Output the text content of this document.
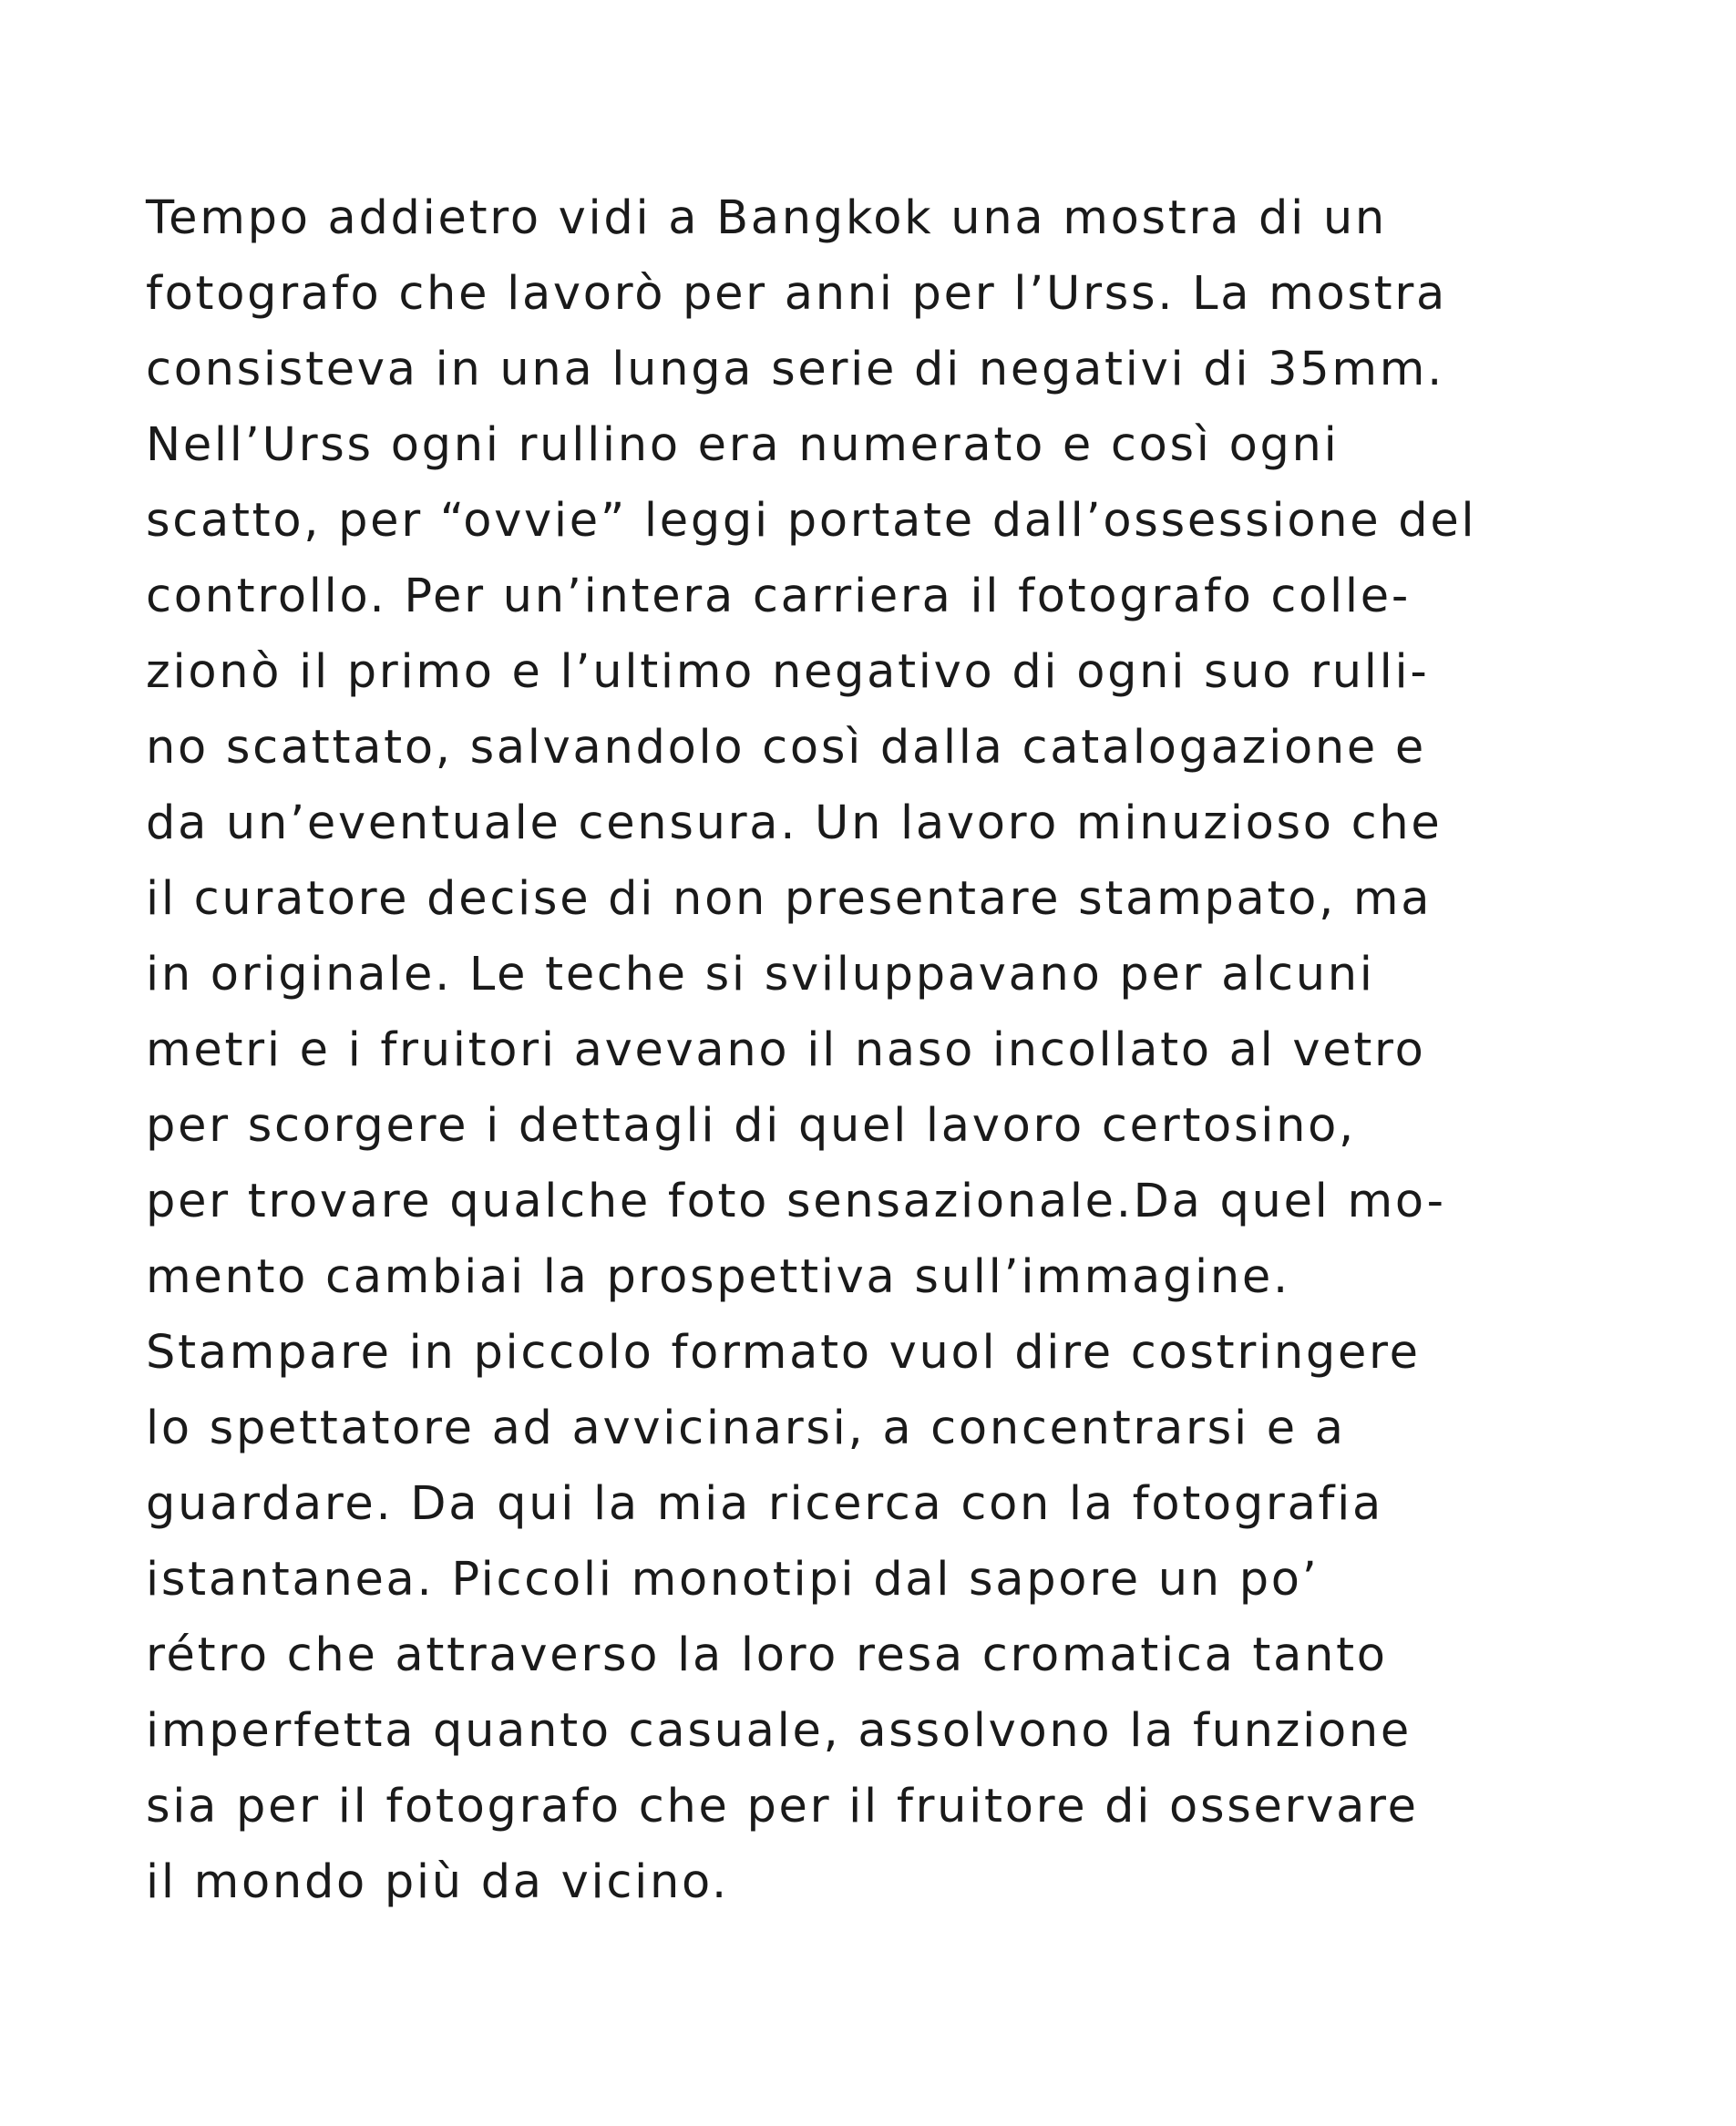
Tempo addietro vidi a Bangkok una mostra di un
fotografo che lavorò per anni per l’Urss. La mostra
consisteva in una lunga serie di negativi di 35mm.
Nell’Urss ogni rullino era numerato e così ogni
scatto, per “ovvie” leggi portate dall’ossessione del
controllo. Per un’intera carriera il fotografo colle-
zionò il primo e l’ultimo negativo di ogni suo rulli-
no scattato, salvandolo così dalla catalogazione e
da un’eventuale censura. Un lavoro minuzioso che
il curatore decise di non presentare stampato, ma
in originale. Le teche si sviluppavano per alcuni
metri e i fruitori avevano il naso incollato al vetro
per scorgere i dettagli di quel lavoro certosino,
per trovare qualche foto sensazionale.Da quel mo-
mento cambiai la prospettiva sull’immagine.
Stampare in piccolo formato vuol dire costringere
lo spettatore ad avvicinarsi, a concentrarsi e a
guardare. Da qui la mia ricerca con la fotografia
istantanea. Piccoli monotipi dal sapore un po’
rétro che attraverso la loro resa cromatica tanto
imperfetta quanto casuale, assolvono la funzione
sia per il fotografo che per il fruitore di osservare
il mondo più da vicino.
